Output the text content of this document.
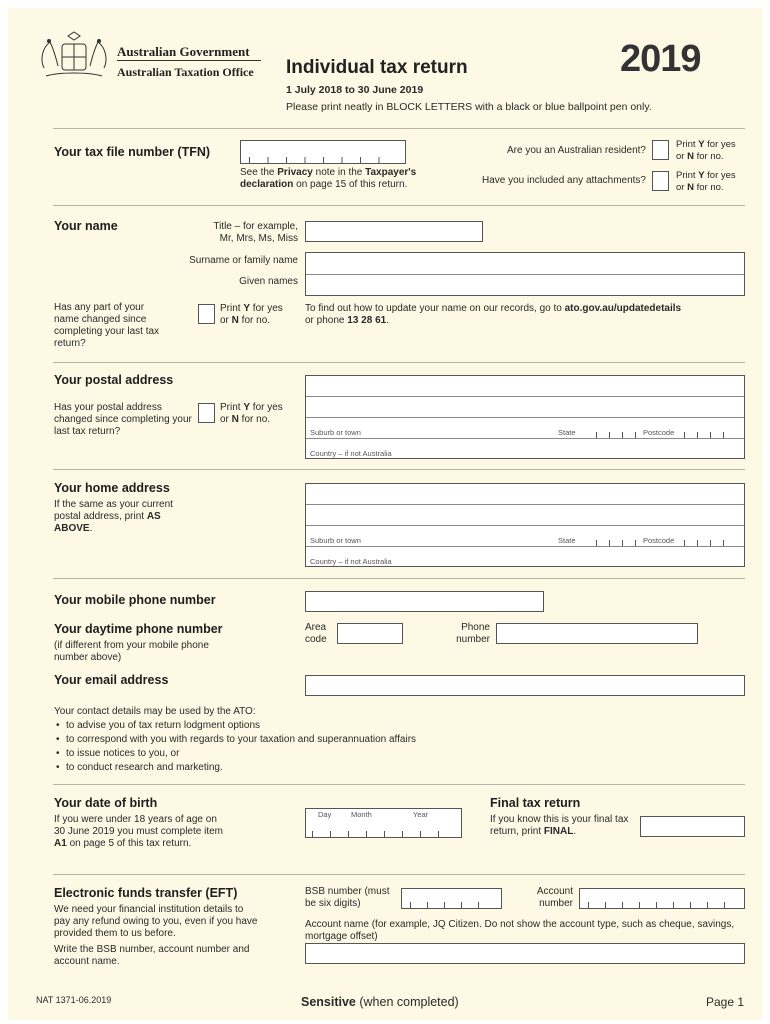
Australian Government
Australian Taxation Office Individual tax return	2019
1 July 2018 to 30 June 2019
Please print neatly in BLOCK LETTERS with a black or blue ballpoint pen only.
Your tax file number (TFN)
See the Privacy note in the Taxpayer's
declaration on page 15 of this return.
Are you an Australian resident?
Print Y for yes
or N for no.
Have you included any attachments?	Print Y for yes
or N for no.
Your name	Title – for example,
Mr, Mrs, Ms, Miss
Surname or family name
Given names
Has any part of your name changed since completing your last tax return?
Print Y for yes
or N for no.
To find out how to update your name on our records, go to ato.gov.au/updatedetails
or phone 13 28 61.
Your postal address
Has your postal address changed since completing your last tax return?
Print Y for yes
or N for no.
Suburb or town	State	Postcode
Country – if not Australia
Your home address
If the same as your current postal address, print AS ABOVE.
Suburb or town	State	Postcode
Country – if not Australia
Your mobile phone number
Your daytime phone number
(if different from your mobile phone number above)
Area code
Phone number
Your email address
Your contact details may be used by the ATO:
• to advise you of tax return lodgment options
• to correspond with you with regards to your taxation and superannuation affairs
• to issue notices to you, or
• to conduct research and marketing.
Your date of birth
If you were under 18 years of age on 30 June 2019 you must complete item A1 on page 5 of this tax return.
Day	Month	Year
Final tax return
If you know this is your final tax return, print FINAL.
Electronic funds transfer (EFT)
We need your financial institution details to pay any refund owing to you, even if you have provided them to us before.
Write the BSB number, account number and account name.
BSB number (must be six digits)
Account number
Account name (for example, JQ Citizen. Do not show the account type, such as cheque, savings, mortgage offset)
NAT 1371-06.2019	Sensitive (when completed)	Page 1
